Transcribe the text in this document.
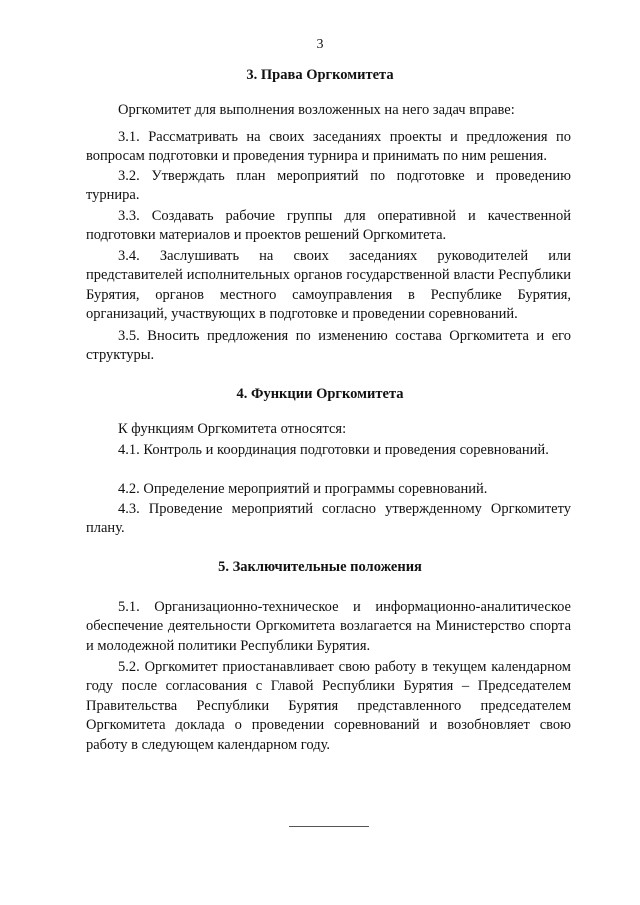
3
3. Права Оргкомитета

Оргкомитет для выполнения возложенных на него задач вправе:

3.1. Рассматривать на своих заседаниях проекты и предложения по вопросам подготовки и проведения турнира и принимать по ним решения.

3.2. Утверждать план мероприятий по подготовке и проведению турнира.

3.3. Создавать рабочие группы для оперативной и качественной подготовки материалов и проектов решений Оргкомитета.

3.4. Заслушивать на своих заседаниях руководителей или представителей исполнительных органов государственной власти Республики Бурятия, органов местного самоуправления в Республике Бурятия, организаций, участвующих в подготовке и проведении соревнований.

3.5. Вносить предложения по изменению состава Оргкомитета и его структуры.

4. Функции Оргкомитета

К функциям Оргкомитета относятся:

4.1. Контроль и координация подготовки и проведения соревнований.

4.2. Определение мероприятий и программы соревнований.

4.3. Проведение мероприятий согласно утвержденному Оргкомитету плану.

5. Заключительные положения

5.1. Организационно-техническое и информационно-аналитическое обеспечение деятельности Оргкомитета возлагается на Министерство спорта и молодежной политики Республики Бурятия.

5.2. Оргкомитет приостанавливает свою работу в текущем календарном году после согласования с Главой Республики Бурятия – Председателем Правительства Республики Бурятия представленного председателем Оргкомитета доклада о проведении соревнований и возобновляет свою работу в следующем календарном году.
